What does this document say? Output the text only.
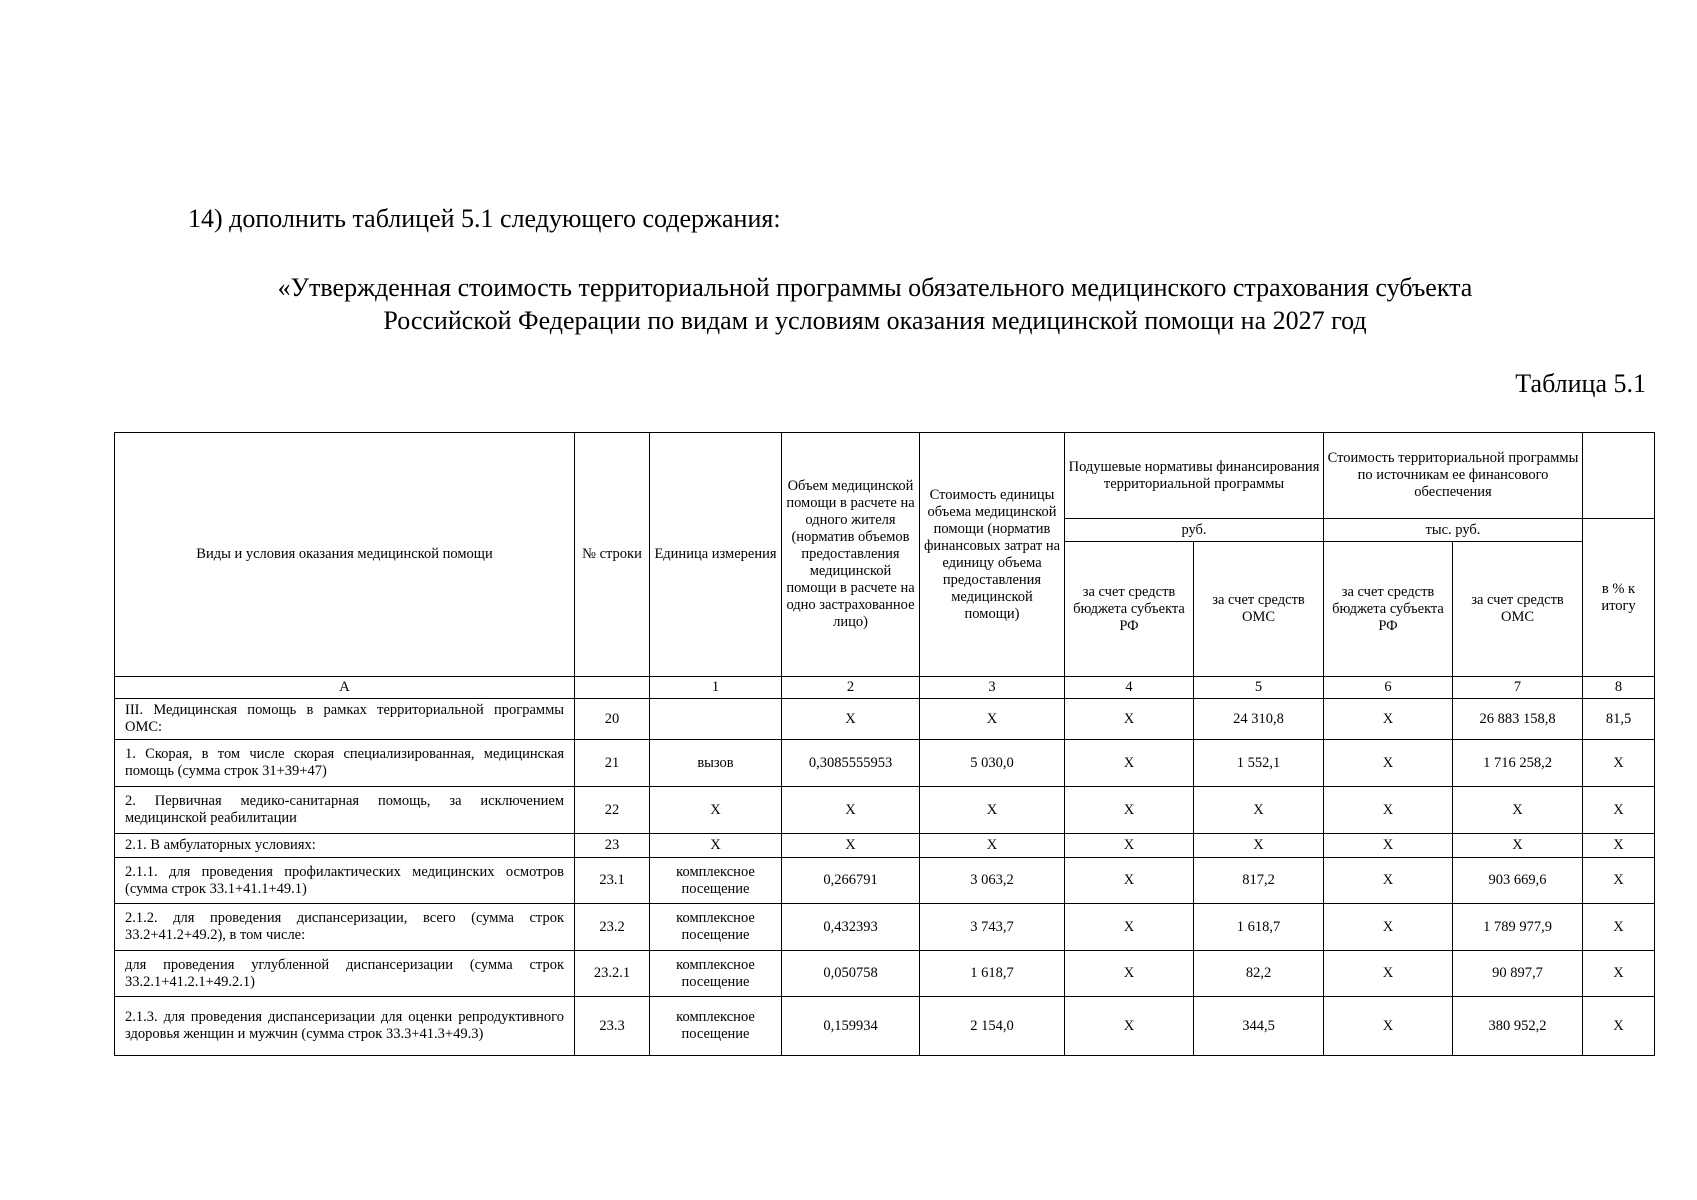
14) дополнить таблицей 5.1 следующего содержания:
«Утвержденная стоимость территориальной программы обязательного медицинского страхования субъекта
Российской Федерации по видам и условиям оказания медицинской помощи на 2027 год
Таблица 5.1
Виды и условия оказания медицинской помощи	№ строки	Единица измерения	Объем медицинской помощи в расчете на одного жителя (норматив объемов предоставления медицинской помощи в расчете на одно застрахованное лицо)	Стоимость единицы объема медицинской помощи (норматив финансовых затрат на единицу объема предоставления медицинской помощи)	Подушевые нормативы финансирования территориальной программы		Стоимость территориальной программы по источникам ее финансового обеспечения		
					руб.		тыс. руб.		в % к итогу
					за счет средств бюджета субъекта РФ	за счет средств ОМС	за счет средств бюджета субъекта РФ	за счет средств ОМС	
А		1	2	3	4	5	6	7	8
III. Медицинская помощь в рамках территориальной программы ОМС:	20		X	X	X	24 310,8	X	26 883 158,8	81,5
1. Скорая, в том числе скорая специализированная, медицинская помощь (сумма строк 31+39+47)	21	вызов	0,3085555953	5 030,0	X	1 552,1	X	1 716 258,2	X
2. Первичная медико-санитарная помощь, за исключением медицинской реабилитации	22	X	X	X	X	X	X	X	X
2.1. В амбулаторных условиях:	23	X	X	X	X	X	X	X	X
2.1.1. для проведения профилактических медицинских осмотров (сумма строк 33.1+41.1+49.1)	23.1	комплексное посещение	0,266791	3 063,2	X	817,2	X	903 669,6	X
2.1.2. для проведения диспансеризации, всего (сумма строк 33.2+41.2+49.2), в том числе:	23.2	комплексное посещение	0,432393	3 743,7	X	1 618,7	X	1 789 977,9	X
для проведения углубленной диспансеризации (сумма строк 33.2.1+41.2.1+49.2.1)	23.2.1	комплексное посещение	0,050758	1 618,7	X	82,2	X	90 897,7	X
2.1.3. для проведения диспансеризации для оценки репродуктивного здоровья женщин и мужчин (сумма строк 33.3+41.3+49.3)	23.3	комплексное посещение	0,159934	2 154,0	X	344,5	X	380 952,2	X
